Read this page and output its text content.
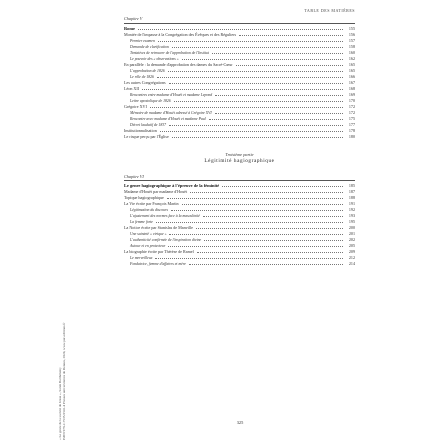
TABLE DES MATIÈRES
« Le genre de la société de Jésus », Sarah Barthélemy ISBN 978-2-7535-9541-4 Presses universitaires de Rennes, 2024, www.pur-editions.fr
Chapitre V
Rome	155
Montée de l'impasse à la Congrégation des Évêques et des Réguliers	156
Premier examen	157
Demande de clarification	158
Tentatives de retrouver de l'approbation de l'Institut	160
Le pouvoir des « observations »	162
En parallèle : la demande d'approbation des dames du Sacré-Cœur	165
L'approbation de 1826	165
Le rôle de 1826	166
Les autres Congrégations	167
Léon XII	168
Rencontres entre madame d'Houët et madame Lepond	169
Lettre apostolique de 1826	170
Grégoire XVI	172
Mémoire de madame d'Houët adressé à Grégoire XVI	172
Rencontre avec madame d'Houët et madame Paul	175
Décret laudatif de 1837	177
Institutionnalisation	178
Le risque perçu par l'Église	180
Troisième partie
Légitimité hagiographique
Chapitre VI
Le genre hagiographique à l'épreuve de la féminité	185
Madame d'Houët par madame d'Houët	187
Topique hagiographique	188
La Vie écrite par François Martin	191
Légitimation du discours	192
L'ajustement des normes face à la masculinité	193
La femme forte	195
La Notice écrite par Stanislas de Manville	200
Une sainteté « virique »	201
L'authenticité confirmée de l'inspiration divine	202
Autour et en protecteur	205
La biographie écrite par Thérèse de Ramel	209
Le merveilleux	212
Fondatrice, femme d'affaires et mère	214
325
